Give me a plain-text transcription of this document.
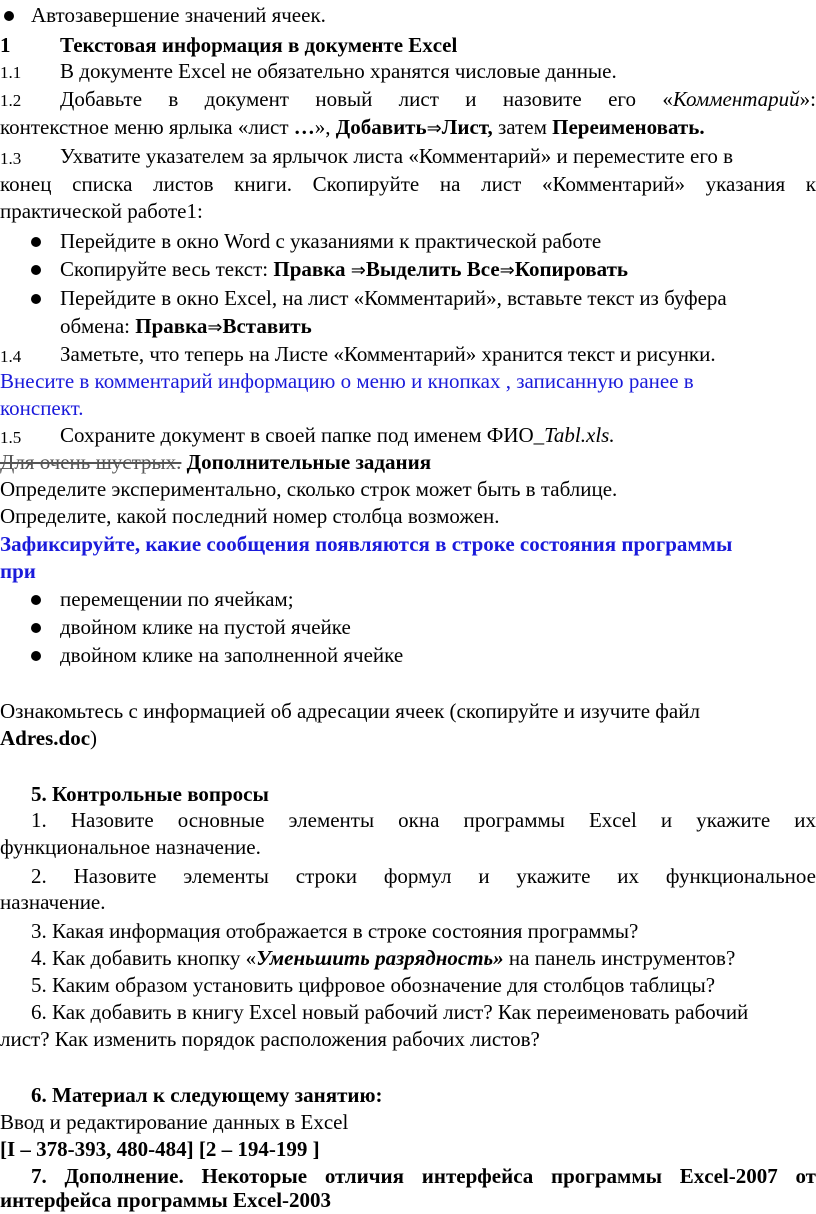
Автозавершение значений ячеек.
1	Текстовая информация в документе Excel
1.1	В документе Excel не обязательно хранятся числовые данные.
1.2	Добавьте в документ новый лист и назовите его «Комментарий»:
контекстное меню ярлыка «лист …», Добавить⇒Лист, затем Переименовать.
1.3	Ухватите указателем за ярлычок листа «Комментарий» и переместите его в
конец списка листов книги. Скопируйте на лист «Комментарий» указания к
практической работе1:
Перейдите в окно Word с указаниями к практической работе
Скопируйте весь текст: Правка ⇒Выделить Все⇒Копировать
Перейдите в окно Excel, на лист «Комментарий», вставьте текст из буфера
обмена: Правка⇒Вставить
1.4	Заметьте, что теперь на Листе «Комментарий» хранится текст и рисунки.
Внесите в комментарий информацию о меню и кнопках , записанную ранее в
конспект.
1.5	Сохраните документ в своей папке под именем ФИО_Tabl.xls.
Для очень шустрых. Дополнительные задания
Определите экспериментально, сколько строк может быть в таблице.
Определите, какой последний номер столбца возможен.
Зафиксируйте, какие сообщения появляются в строке состояния программы
при
перемещении по ячейкам;
двойном клике на пустой ячейке
двойном клике на заполненной ячейке
Ознакомьтесь с информацией об адресации ячеек (скопируйте и изучите файл
Adres.doc)
5. Контрольные вопросы
1. Назовите основные элементы окна программы Excel и укажите их
функциональное назначение.
2. Назовите элементы строки формул и укажите их функциональное
назначение.
3. Какая информация отображается в строке состояния программы?
4. Как добавить кнопку «Уменьшить разрядность» на панель инструментов?
5. Каким образом установить цифровое обозначение для столбцов таблицы?
6. Как добавить в книгу Excel новый рабочий лист? Как переименовать рабочий
лист? Как изменить порядок расположения рабочих листов?
6. Материал к следующему занятию:
Ввод и редактирование данных в Excel
[I – 378-393, 480-484] [2 – 194-199 ]
7. Дополнение. Некоторые отличия интерфейса программы Excel-2007 от
интерфейса программы Excel-2003
